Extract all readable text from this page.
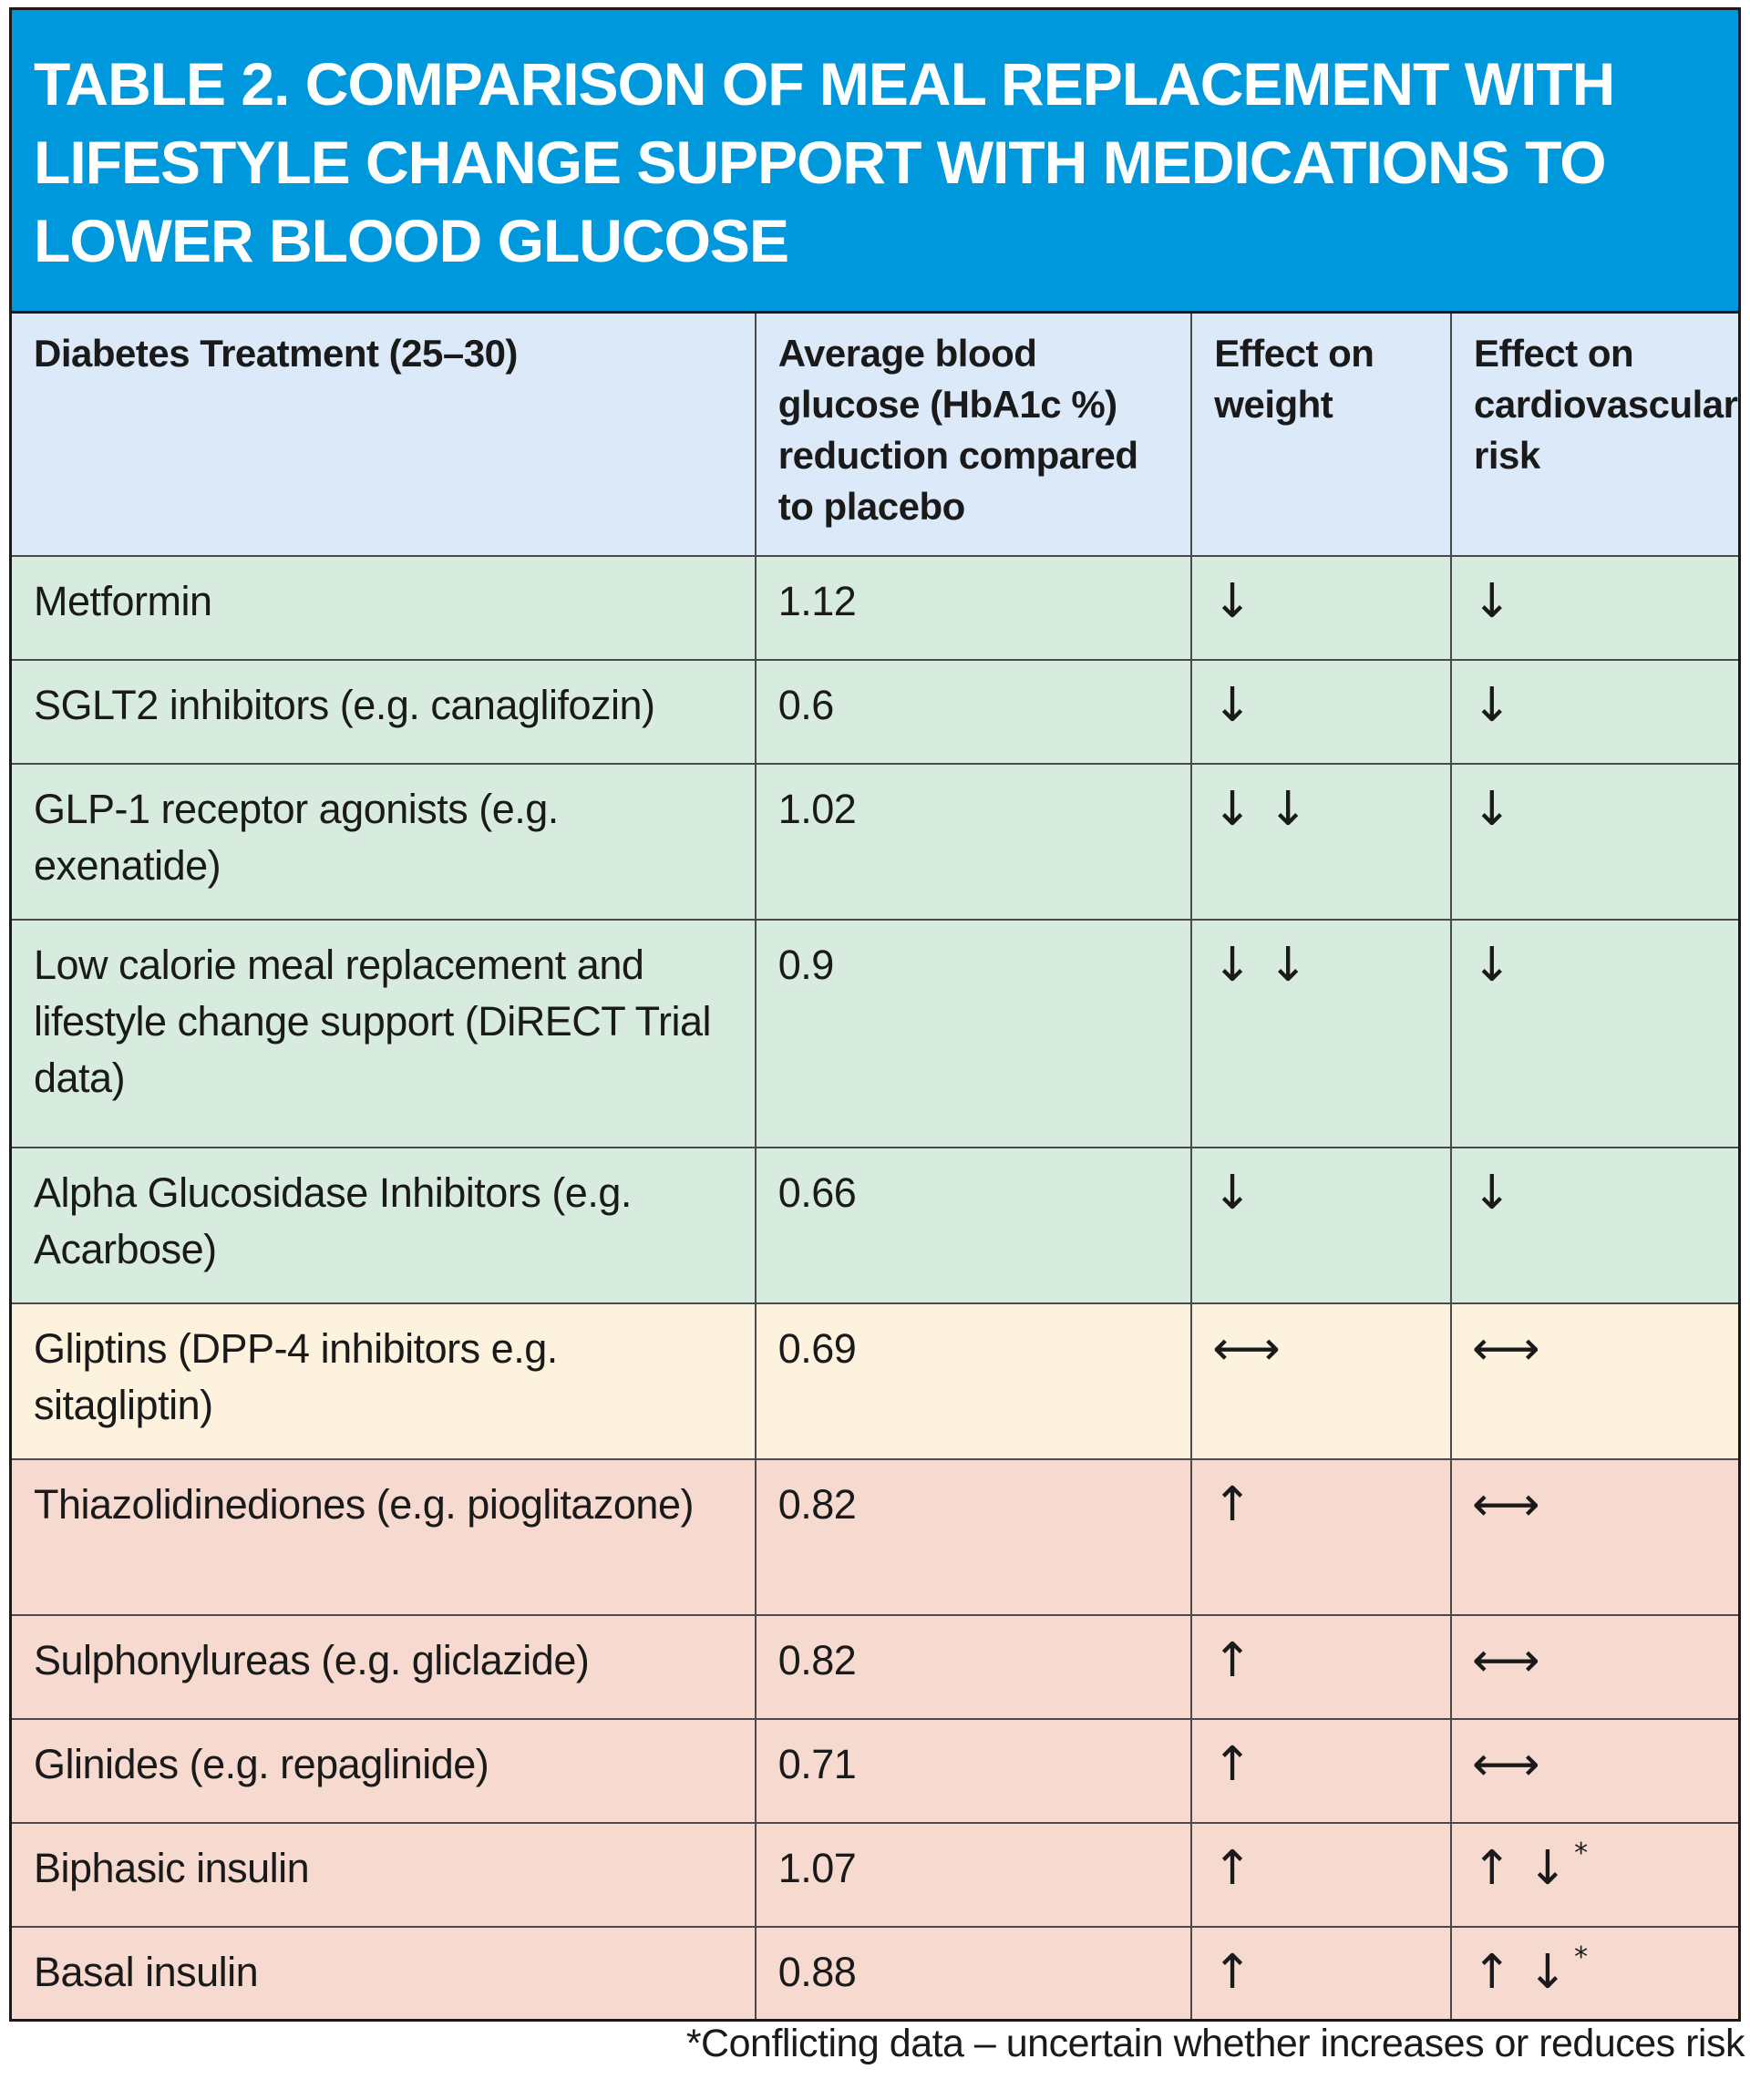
TABLE 2. COMPARISON OF MEAL REPLACEMENT WITH LIFESTYLE CHANGE SUPPORT WITH MEDICATIONS TO LOWER BLOOD GLUCOSE

Diabetes Treatment (25–30)	Average blood glucose (HbA1c %) reduction compared to placebo	Effect on weight	Effect on cardiovascular risk
Metformin	1.12	↓	↓
SGLT2 inhibitors (e.g. canaglifozin)	0.6	↓	↓
GLP-1 receptor agonists (e.g. exenatide)	1.02	↓ ↓	↓
Low calorie meal replacement and lifestyle change support (DiRECT Trial data)	0.9	↓ ↓	↓
Alpha Glucosidase Inhibitors (e.g. Acarbose)	0.66	↓	↓
Gliptins (DPP-4 inhibitors e.g. sitagliptin)	0.69	⟷	⟷
Thiazolidinediones (e.g. pioglitazone)	0.82	↑	⟷
Sulphonylureas (e.g. gliclazide)	0.82	↑	⟷
Glinides (e.g. repaglinide)	0.71	↑	⟷
Biphasic insulin	1.07	↑	↑ ↓ *
Basal insulin	0.88	↑	↑ ↓ *
*Conflicting data – uncertain whether increases or reduces risk
